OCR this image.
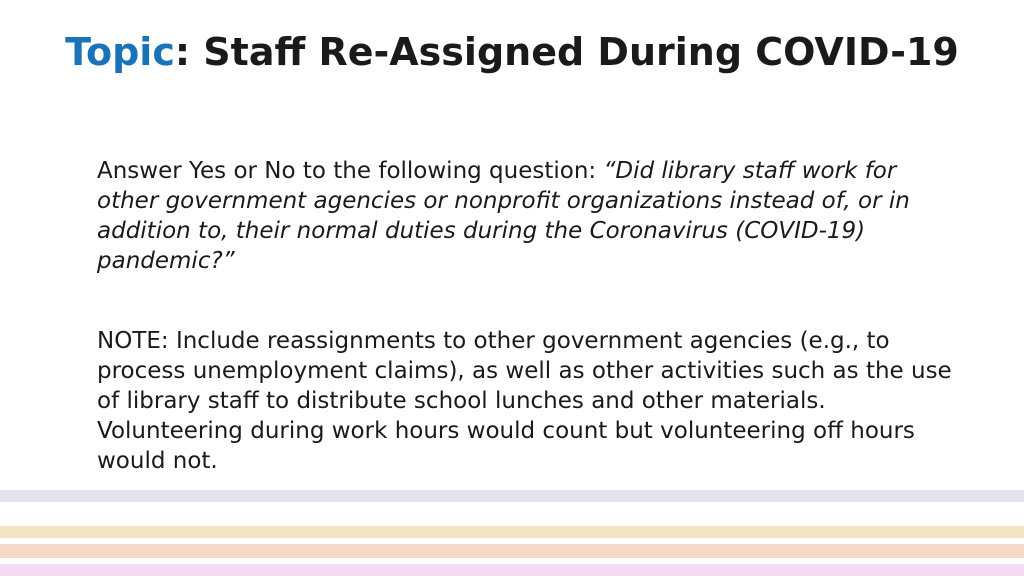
Topic: Staff Re-Assigned During COVID-19
Answer Yes or No to the following question: “Did library staff work for other government agencies or nonprofit organizations instead of, or in addition to, their normal duties during the Coronavirus (COVID-19) pandemic?”
NOTE: Include reassignments to other government agencies (e.g., to process unemployment claims), as well as other activities such as the use of library staff to distribute school lunches and other materials. Volunteering during work hours would count but volunteering off hours would not.
